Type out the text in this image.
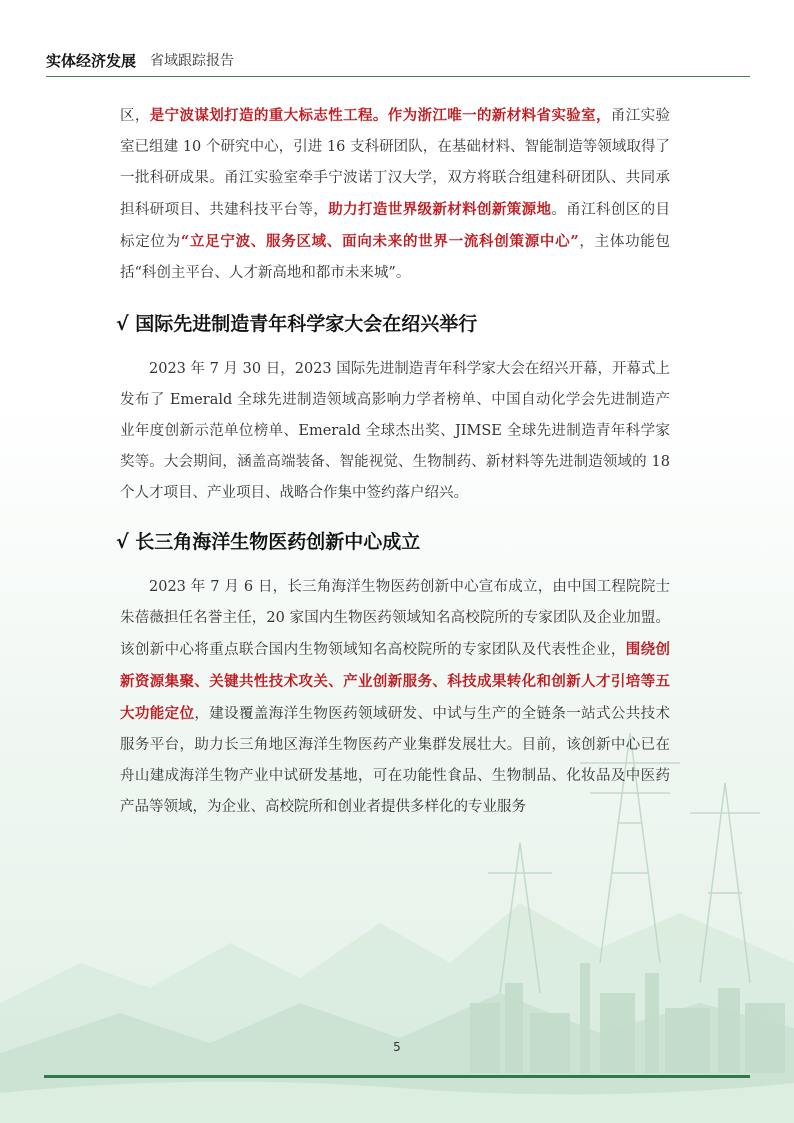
实体经济发展 省域跟踪报告

区，是宁波谋划打造的重大标志性工程。作为浙江唯一的新材料省实验室，甬江实验室已组建 10 个研究中心，引进 16 支科研团队，在基础材料、智能制造等领域取得了一批科研成果。甬江实验室牵手宁波诺丁汉大学，双方将联合组建科研团队、共同承担科研项目、共建科技平台等，助力打造世界级新材料创新策源地。甬江科创区的目标定位为“立足宁波、服务区域、面向未来的世界一流科创策源中心”，主体功能包括“科创主平台、人才新高地和都市未来城”。

√ 国际先进制造青年科学家大会在绍兴举行

2023 年 7 月 30 日，2023 国际先进制造青年科学家大会在绍兴开幕，开幕式上发布了 Emerald 全球先进制造领域高影响力学者榜单、中国自动化学会先进制造产业年度创新示范单位榜单、Emerald 全球杰出奖、JIMSE 全球先进制造青年科学家奖等。大会期间，涵盖高端装备、智能视觉、生物制药、新材料等先进制造领域的 18 个人才项目、产业项目、战略合作集中签约落户绍兴。

√ 长三角海洋生物医药创新中心成立

2023 年 7 月 6 日，长三角海洋生物医药创新中心宣布成立，由中国工程院院士朱蓓薇担任名誉主任，20 家国内生物医药领域知名高校院所的专家团队及企业加盟。该创新中心将重点联合国内生物领域知名高校院所的专家团队及代表性企业，围绕创新资源集聚、关键共性技术攻关、产业创新服务、科技成果转化和创新人才引培等五大功能定位，建设覆盖海洋生物医药领域研发、中试与生产的全链条一站式公共技术服务平台，助力长三角地区海洋生物医药产业集群发展壮大。目前，该创新中心已在舟山建成海洋生物产业中试研发基地，可在功能性食品、生物制品、化妆品及中医药产品等领域，为企业、高校院所和创业者提供多样化的专业服务

5
